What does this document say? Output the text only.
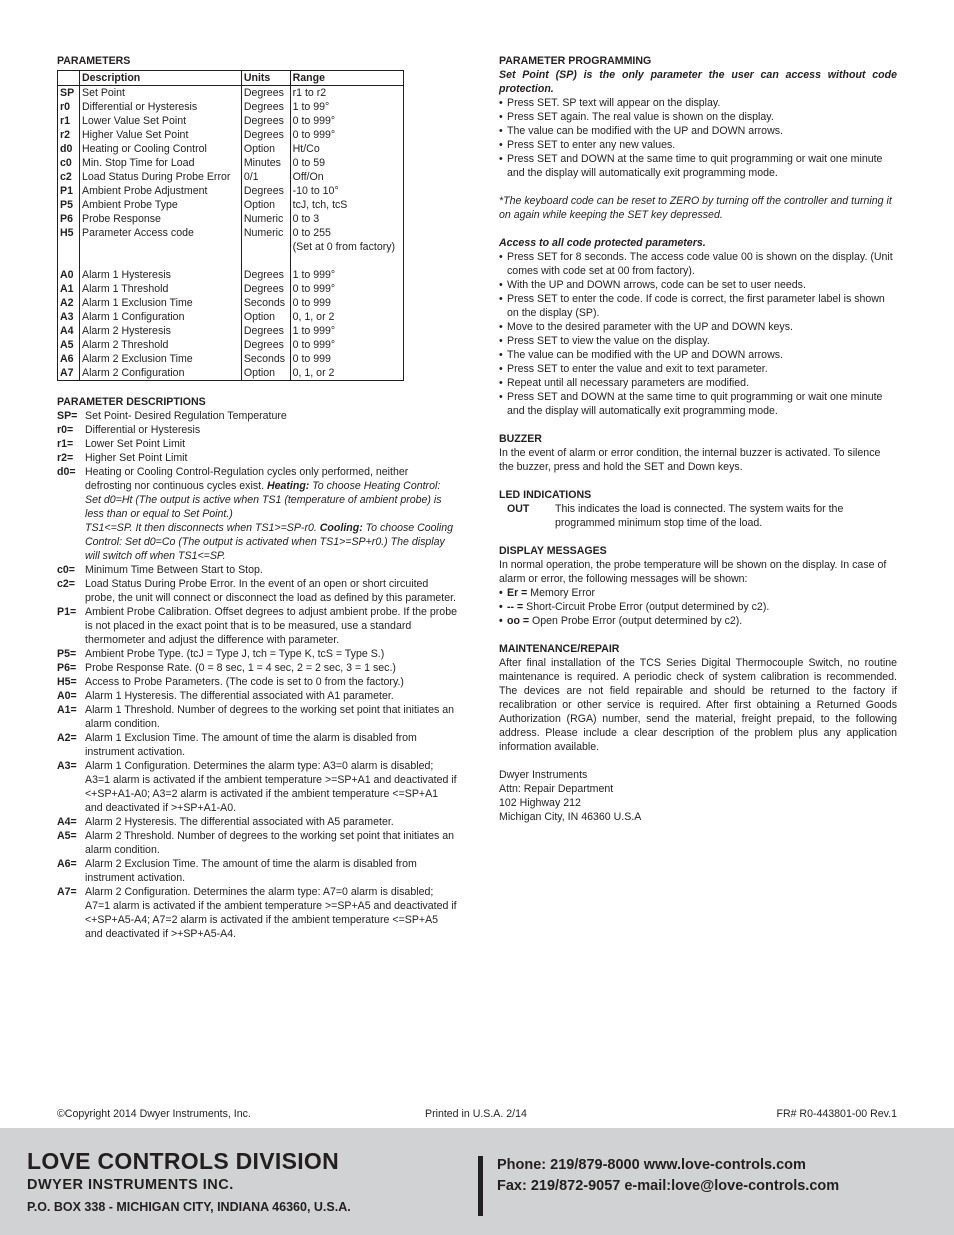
PARAMETERS
	Description	Units	Range
SP	Set Point	Degrees	r1 to r2
r0	Differential or Hysteresis	Degrees	1 to 99°
r1	Lower Value Set Point	Degrees	0 to 999°
r2	Higher Value Set Point	Degrees	0 to 999°
d0	Heating or Cooling Control	Option	Ht/Co
c0	Min. Stop Time for Load	Minutes	0 to 59
c2	Load Status During Probe Error	0/1	Off/On
P1	Ambient Probe Adjustment	Degrees	-10 to 10°
P5	Ambient Probe Type	Option	tcJ, tch, tcS
P6	Probe Response	Numeric	0 to 3
H5	Parameter Access code	Numeric	0 to 255
			(Set at 0 from factory)

A0	Alarm 1 Hysteresis	Degrees	1 to 999°
A1	Alarm 1 Threshold	Degrees	0 to 999°
A2	Alarm 1 Exclusion Time	Seconds	0 to 999
A3	Alarm 1 Configuration	Option	0, 1, or 2
A4	Alarm 2 Hysteresis	Degrees	1 to 999°
A5	Alarm 2 Threshold	Degrees	0 to 999°
A6	Alarm 2 Exclusion Time	Seconds	0 to 999
A7	Alarm 2 Configuration	Option	0, 1, or 2
PARAMETER DESCRIPTIONS
SP= Set Point- Desired Regulation Temperature
r0=	Differential or Hysteresis
r1=	Lower Set Point Limit
r2=	Higher Set Point Limit
d0= Heating or Cooling Control-Regulation cycles only performed, neither defrosting nor continuous cycles exist. Heating: To choose Heating Control: Set d0=Ht (The output is active when TS1 (temperature of ambient probe) is less than or equal to Set Point.)
TS1<=SP. It then disconnects when TS1>=SP-r0. Cooling: To choose Cooling Control: Set d0=Co (The output is activated when TS1>=SP+r0.) The display will switch off when TS1<=SP.
c0= Minimum Time Between Start to Stop.
c2= Load Status During Probe Error. In the event of an open or short circuited probe, the unit will connect or disconnect the load as defined by this parameter.
P1= Ambient Probe Calibration. Offset degrees to adjust ambient probe. If the probe is not placed in the exact point that is to be measured, use a standard thermometer and adjust the difference with parameter.
P5= Ambient Probe Type. (tcJ = Type J, tch = Type K, tcS = Type S.)
P6= Probe Response Rate. (0 = 8 sec, 1 = 4 sec, 2 = 2 sec, 3 = 1 sec.)
H5= Access to Probe Parameters. (The code is set to 0 from the factory.)
A0= Alarm 1 Hysteresis. The differential associated with A1 parameter.
A1= Alarm 1 Threshold. Number of degrees to the working set point that initiates an alarm condition.
A2= Alarm 1 Exclusion Time. The amount of time the alarm is disabled from instrument activation.
A3= Alarm 1 Configuration. Determines the alarm type: A3=0 alarm is disabled; A3=1 alarm is activated if the ambient temperature >=SP+A1 and deactivated if <+SP+A1-A0; A3=2 alarm is activated if the ambient temperature <=SP+A1 and deactivated if >+SP+A1-A0.
A4= Alarm 2 Hysteresis. The differential associated with A5 parameter.
A5= Alarm 2 Threshold. Number of degrees to the working set point that initiates an alarm condition.
A6= Alarm 2 Exclusion Time. The amount of time the alarm is disabled from instrument activation.
A7= Alarm 2 Configuration. Determines the alarm type: A7=0 alarm is disabled; A7=1 alarm is activated if the ambient temperature >=SP+A5 and deactivated if <+SP+A5-A4; A7=2 alarm is activated if the ambient temperature <=SP+A5 and deactivated if >+SP+A5-A4.
PARAMETER PROGRAMMING

Set Point (SP) is the only parameter the user can access without code protection.

• Press SET. SP text will appear on the display.
• Press SET again. The real value is shown on the display.
• The value can be modified with the UP and DOWN arrows.
• Press SET to enter any new values.
• Press SET and DOWN at the same time to quit programming or wait one minute and the display will automatically exit programming mode.

*The keyboard code can be reset to ZERO by turning off the controller and turning it on again while keeping the SET key depressed.

Access to all code protected parameters.

• Press SET for 8 seconds. The access code value 00 is shown on the display. (Unit comes with code set at 00 from factory).
• With the UP and DOWN arrows, code can be set to user needs.
• Press SET to enter the code. If code is correct, the first parameter label is shown on the display (SP).
• Move to the desired parameter with the UP and DOWN keys.
• Press SET to view the value on the display.
• The value can be modified with the UP and DOWN arrows.
• Press SET to enter the value and exit to text parameter.
• Repeat until all necessary parameters are modified.
• Press SET and DOWN at the same time to quit programming or wait one minute and the display will automatically exit programming mode.
BUZZER

In the event of alarm or error condition, the internal buzzer is activated. To silence the buzzer, press and hold the SET and Down keys.

LED INDICATIONS
OUT	This indicates the load is connected. The system waits for the programmed minimum stop time of the load.
DISPLAY MESSAGES

In normal operation, the probe temperature will be shown on the display. In case of alarm or error, the following messages will be shown:

• Er = Memory Error
• -- = Short-Circuit Probe Error (output determined by c2).
• oo = Open Probe Error (output determined by c2).
MAINTENANCE/REPAIR

After final installation of the TCS Series Digital Thermocouple Switch, no routine maintenance is required. A periodic check of system calibration is recommended. The devices are not field repairable and should be returned to the factory if recalibration or other service is required. After first obtaining a Returned Goods Authorization (RGA) number, send the material, freight prepaid, to the following address. Please include a clear description of the problem plus any application information available.

Dwyer Instruments
Attn: Repair Department
102 Highway 212
Michigan City, IN 46360 U.S.A
©Copyright 2014 Dwyer Instruments, Inc.	Printed in U.S.A. 2/14	FR# R0-443801-00 Rev.1
LOVE CONTROLS DIVISION
DWYER INSTRUMENTS INC.
P.O. BOX 338 - MICHIGAN CITY, INDIANA 46360, U.S.A.
Phone: 219/879-8000 www.love-controls.com
Fax: 219/872-9057 e-mail:love@love-controls.com
